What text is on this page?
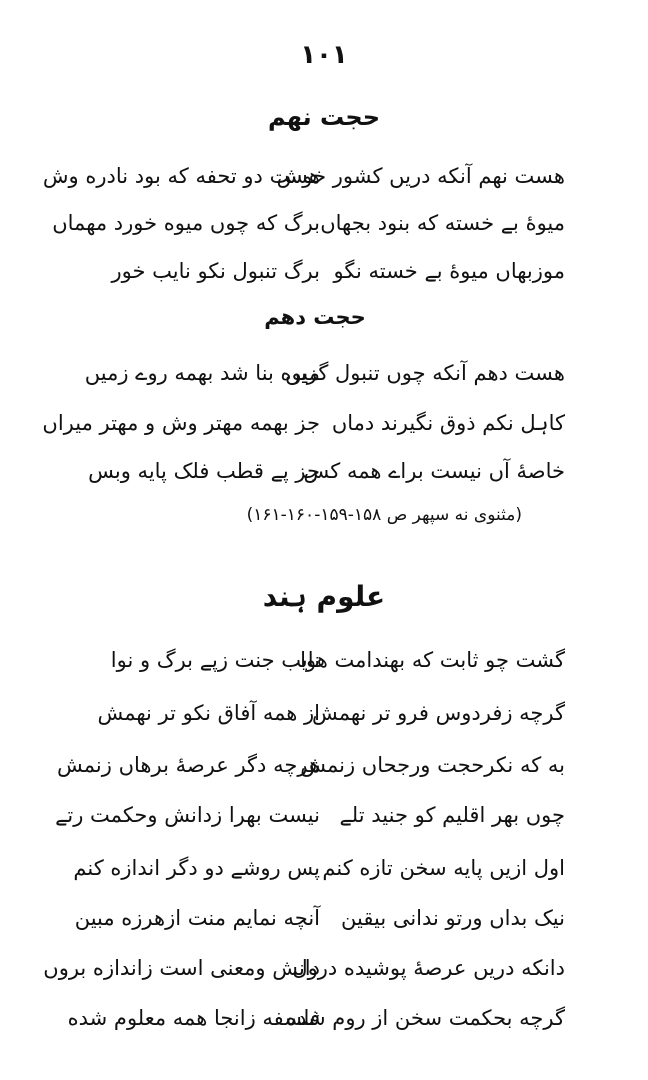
۱۰۱
حجت نهم
هست نهم آنکه دریں کشور خوش
هست دو تحفه که بود نادره وش
میوهٔ بے خسته که بنود بجهاں
برگ که چوں میوه خورد مهماں
موزبهاں میوهٔ بے خسته نگو
برگ تنبول نکو نایب خور
حجت دهم
هست دهم آنکه چوں تنبول گزیں
میوه بنا شد بهمه روے زمیں
کاہل نکم ذوق نگیرند دماں
جز بهمه مهتر وش و مهتر میراں
خاصهٔ آں نیست براے همه کس
جز پے قطب فلک پایه وبس
(مثنوی نه سپهر ص ۱۵۸-۱۵۹-۱۶۰-۱۶۱)
علوم ہند
گشت چو ثابت که بهندامت هوا
نایب جنت زپے برگ و نوا
گرچه زفردوس فرو تر نهمش
از همه آفاق نکو تر نهمش
به که نکرحجت ورجحاں زنمش
هرچه دگر عرصهٔ برهاں زنمش
چوں بهر اقلیم کو جنید تلے
نیست بهرا زدانش وحکمت رتے
اول ازیں پایه سخن تازه کنم
پس روشے دو دگر اندازه کنم
نیک بداں ورتو ندانی بیقین
آنچه نمایم منت ازهرزه مبین
دانکه دریں عرصهٔ پوشیده درول
دانش ومعنی است زاندازه بروں
گرچه بحکمت سخن از روم شده
فلسفه زانجا همه معلوم شده
